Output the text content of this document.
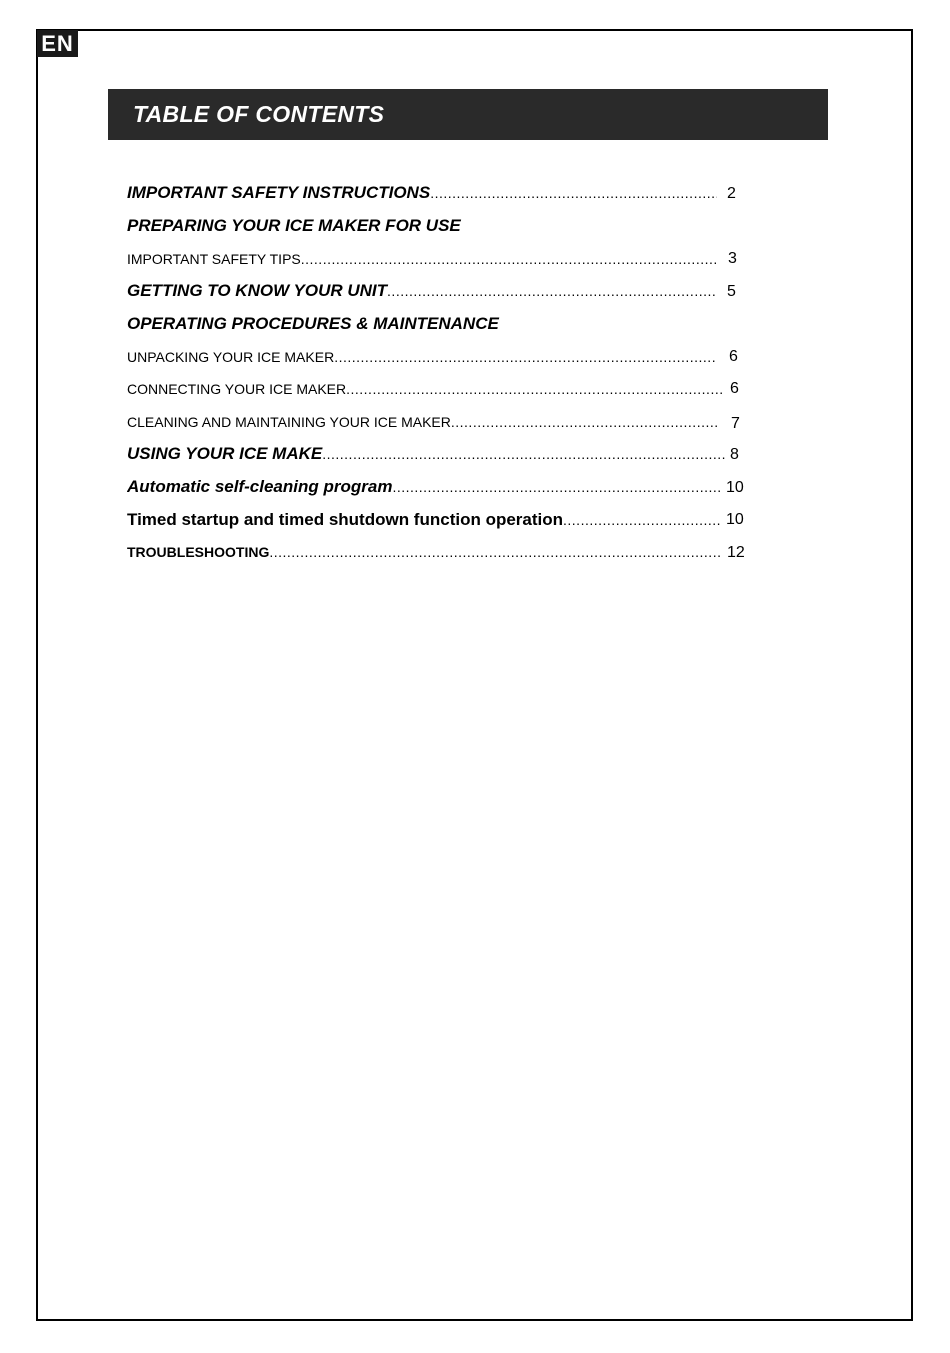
EN
TABLE OF CONTENTS
IMPORTANT SAFETY INSTRUCTIONS .....	2
PREPARING YOUR ICE MAKER FOR USE
IMPORTANT SAFETY TIPS .....	3
GETTING TO KNOW YOUR UNIT .....	5
OPERATING PROCEDURES & MAINTENANCE
UNPACKING YOUR ICE MAKER .....	6
CONNECTING YOUR ICE MAKER .....	6
CLEANING AND MAINTAINING YOUR ICE MAKER .....	7
USING YOUR ICE MAKE .....	8
Automatic self-cleaning program .....	10
Timed startup and timed shutdown function operation .....	10
TROUBLESHOOTING .....	12
